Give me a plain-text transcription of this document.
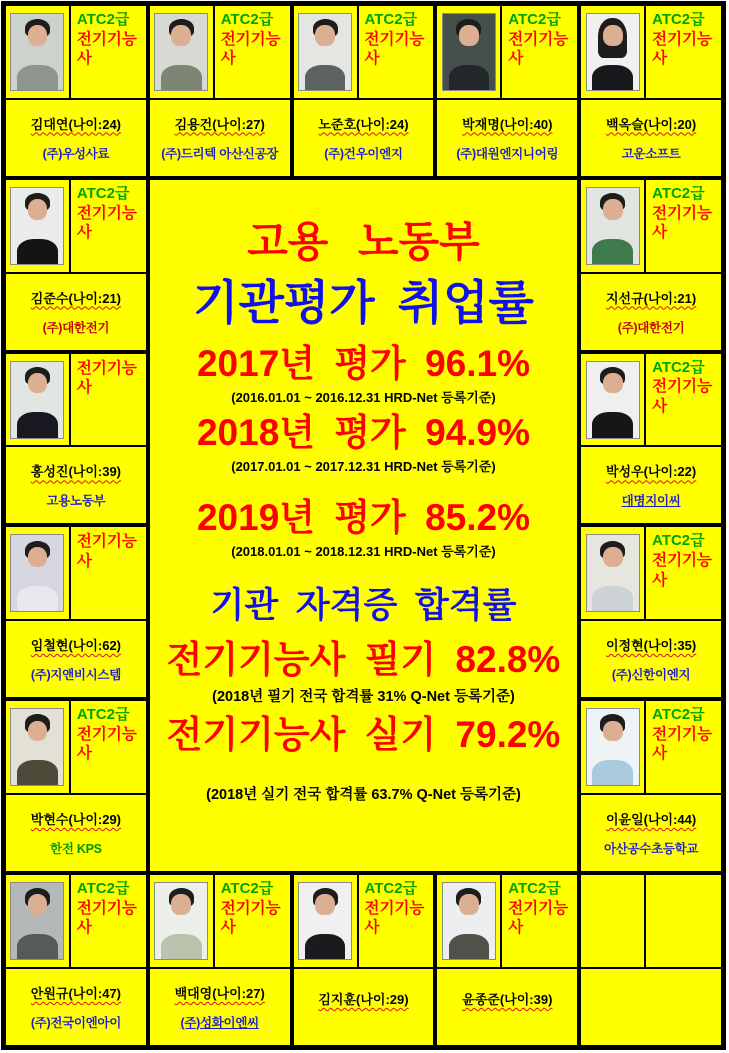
고용 노동부
기관평가 취업률
2017년 평가 96.1%
(2016.01.01 ~ 2016.12.31 HRD-Net 등록기준)
2018년 평가 94.9%
(2017.01.01 ~ 2017.12.31 HRD-Net 등록기준)
2019년 평가 85.2%
(2018.01.01 ~ 2018.12.31 HRD-Net 등록기준)
기관 자격증 합격률
전기기능사 필기 82.8%
(2018년 필기 전국 합격률 31% Q-Net 등록기준)
전기기능사 실기 79.2%
(2018년 실기 전국 합격률 63.7% Q-Net 등록기준)
ATC2급
전기기능사
김대연(나이:24)
(주)우성사료
ATC2급
전기기능사
김용건(나이:27)
(주)드리텍 아산신공장
ATC2급
전기기능사
노준호(나이:24)
(주)건우이엔지
ATC2급
전기기능사
박재명(나이:40)
(주)대원엔지니어링
ATC2급
전기기능사
백옥슬(나이:20)
고운소프트
ATC2급
전기기능사
김준수(나이:21)
(주)대한전기
전기기능사
홍성진(나이:39)
고용노동부
전기기능사
임철현(나이:62)
(주)지앤비시스템
ATC2급
전기기능사
박현수(나이:29)
한전 KPS
ATC2급
전기기능사
지선규(나이:21)
(주)대한전기
ATC2급
전기기능사
박성우(나이:22)
대명지이씨
ATC2급
전기기능사
이정현(나이:35)
(주)신한이엔지
ATC2급
전기기능사
이윤일(나이:44)
아산공수초등학교
ATC2급
전기기능사
안원규(나이:47)
(주)전국이엔아이
ATC2급
전기기능사
백대영(나이:27)
(주)성화이엔씨
ATC2급
전기기능사
김지훈(나이:29)
ATC2급
전기기능사
윤종준(나이:39)
